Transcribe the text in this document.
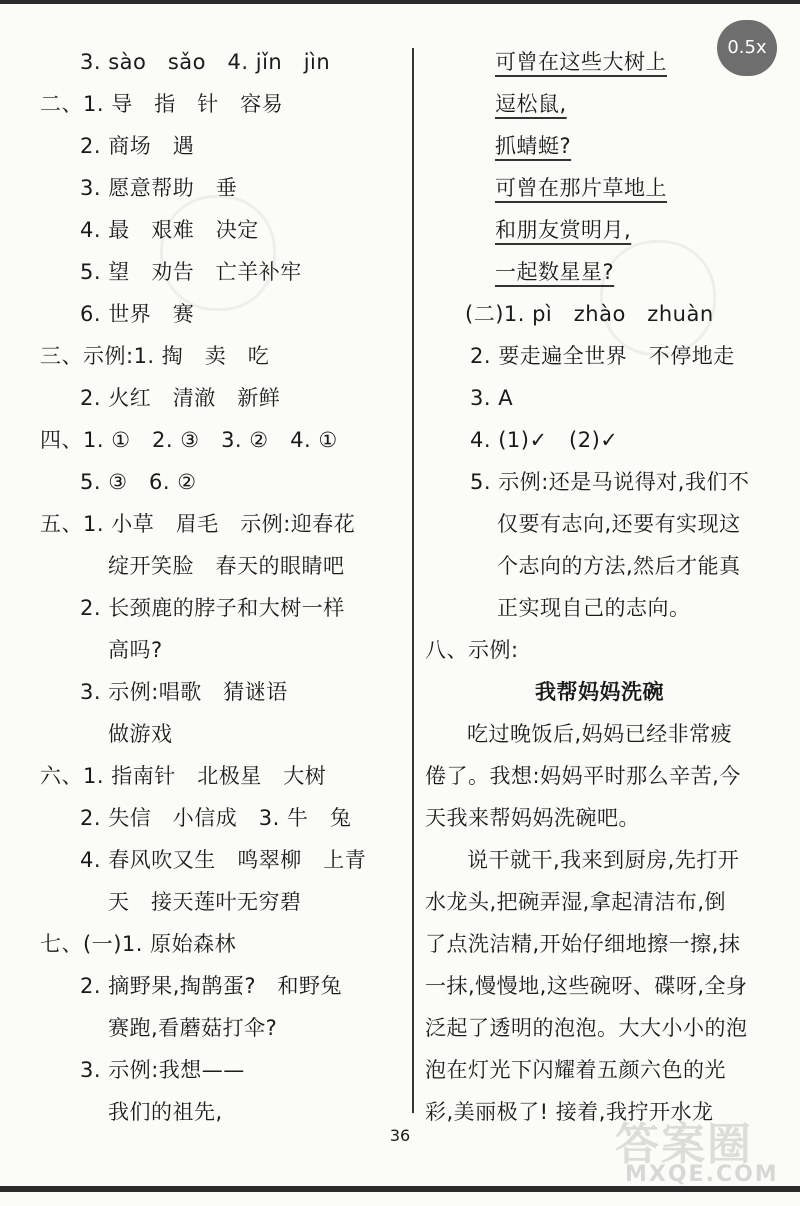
3. sào　sǎo　4. jǐn　jìn
二、1. 导　指　针　容易
2. 商场　遇
3. 愿意帮助　垂
4. 最　艰难　决定
5. 望　劝告　亡羊补牢
6. 世界　赛
三、示例:1. 掏　卖　吃
2. 火红　清澈　新鲜
四、1. ①　2. ③　3. ②　4. ①
5. ③　6. ②
五、1. 小草　眉毛　示例:迎春花
绽开笑脸　春天的眼睛吧
2. 长颈鹿的脖子和大树一样
高吗?
3. 示例:唱歌　猜谜语
做游戏
六、1. 指南针　北极星　大树
2. 失信　小信成　3. 牛　兔
4. 春风吹又生　鸣翠柳　上青
天　接天莲叶无穷碧
七、(一)1. 原始森林
2. 摘野果,掏鹊蛋?　和野兔
赛跑,看蘑菇打伞?
3. 示例:我想——
我们的祖先,
可曾在这些大树上
逗松鼠,
抓蜻蜓?
可曾在那片草地上
和朋友赏明月,
一起数星星?
(二)1. pì　zhào　zhuàn
2. 要走遍全世界　不停地走
3. A
4. (1)✓　(2)✓
5. 示例:还是马说得对,我们不
仅要有志向,还要有实现这
个志向的方法,然后才能真
正实现自己的志向。
八、示例:
我帮妈妈洗碗
吃过晚饭后,妈妈已经非常疲
倦了。我想:妈妈平时那么辛苦,今
天我来帮妈妈洗碗吧。
说干就干,我来到厨房,先打开
水龙头,把碗弄湿,拿起清洁布,倒
了点洗洁精,开始仔细地擦一擦,抹
一抹,慢慢地,这些碗呀、碟呀,全身
泛起了透明的泡泡。大大小小的泡
泡在灯光下闪耀着五颜六色的光
彩,美丽极了! 接着,我拧开水龙
36	答案圈
MXQE.COM
0.5x
